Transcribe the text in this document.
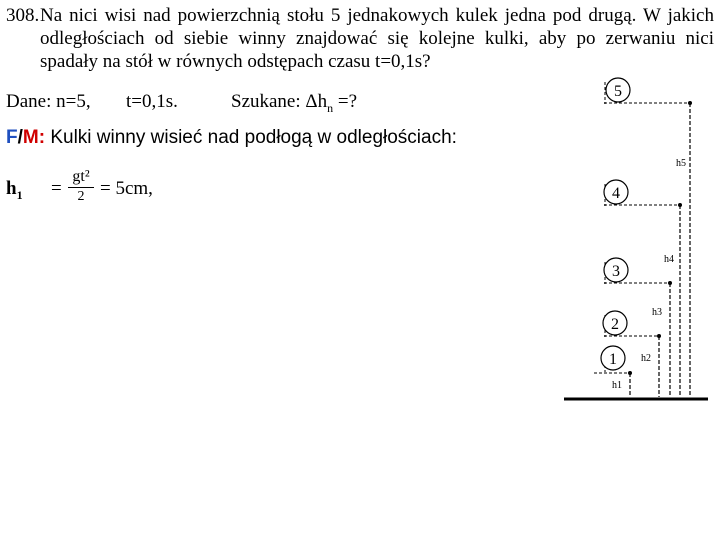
308. Na nici wisi nad powierzchnią stołu 5 jednakowych kulek jedna pod drugą. W jakich odległościach od siebie winny znajdować się kolejne kulki, aby po zerwaniu nici spadały na stół w równych odstępach czasu t=0,1s?
Dane: n=5, t=0,1s.	Szukane: $\Delta h_n$ =?
F/M: Kulki winny wisieć nad podłogą w odległościach:
$h_1$ =
gt²
2 = 5cm,
5
h5
4
h4
3
h3
2
h2
1
h1
